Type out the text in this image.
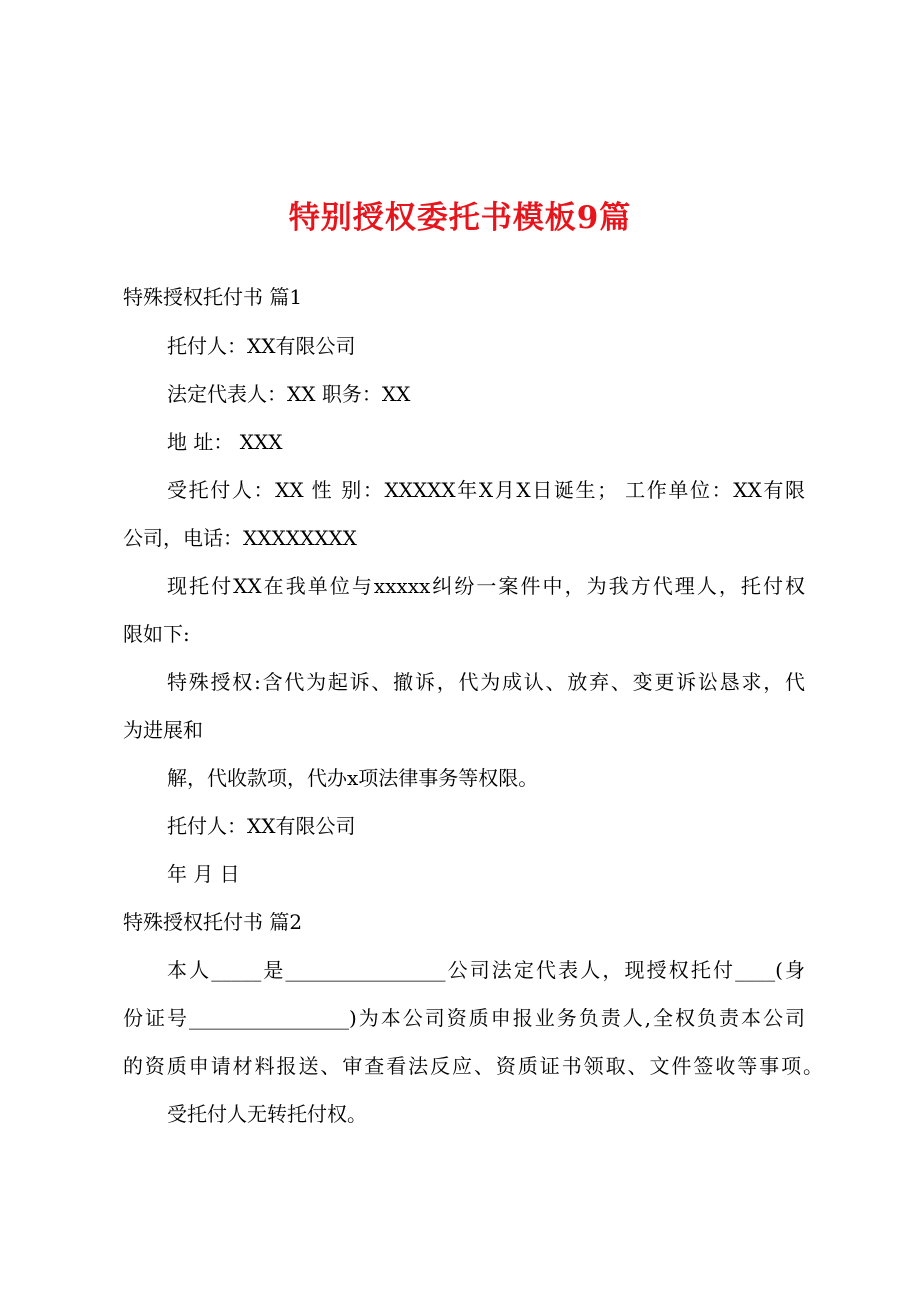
特别授权委托书模板9篇

特殊授权托付书 篇1

托付人：XX有限公司

法定代表人：XX 职务：XX

地 址： XXX

受托付人：XX 性 别：XXXXX年X月X日诞生； 工作单位：XX有限

公司，电话：XXXXXXXX

现托付XX在我单位与xxxxx纠纷一案件中，为我方代理人，托付权

限如下:

特殊授权:含代为起诉、撤诉，代为成认、放弃、变更诉讼恳求，代

为进展和

解，代收款项，代办x项法律事务等权限。

托付人：XX有限公司

年 月 日

特殊授权托付书 篇2

本人_____是________________公司法定代表人，现授权托付____(身

份证号________________)为本公司资质申报业务负责人,全权负责本公司

的资质申请材料报送、审查看法反应、资质证书领取、文件签收等事项。

受托付人无转托付权。
